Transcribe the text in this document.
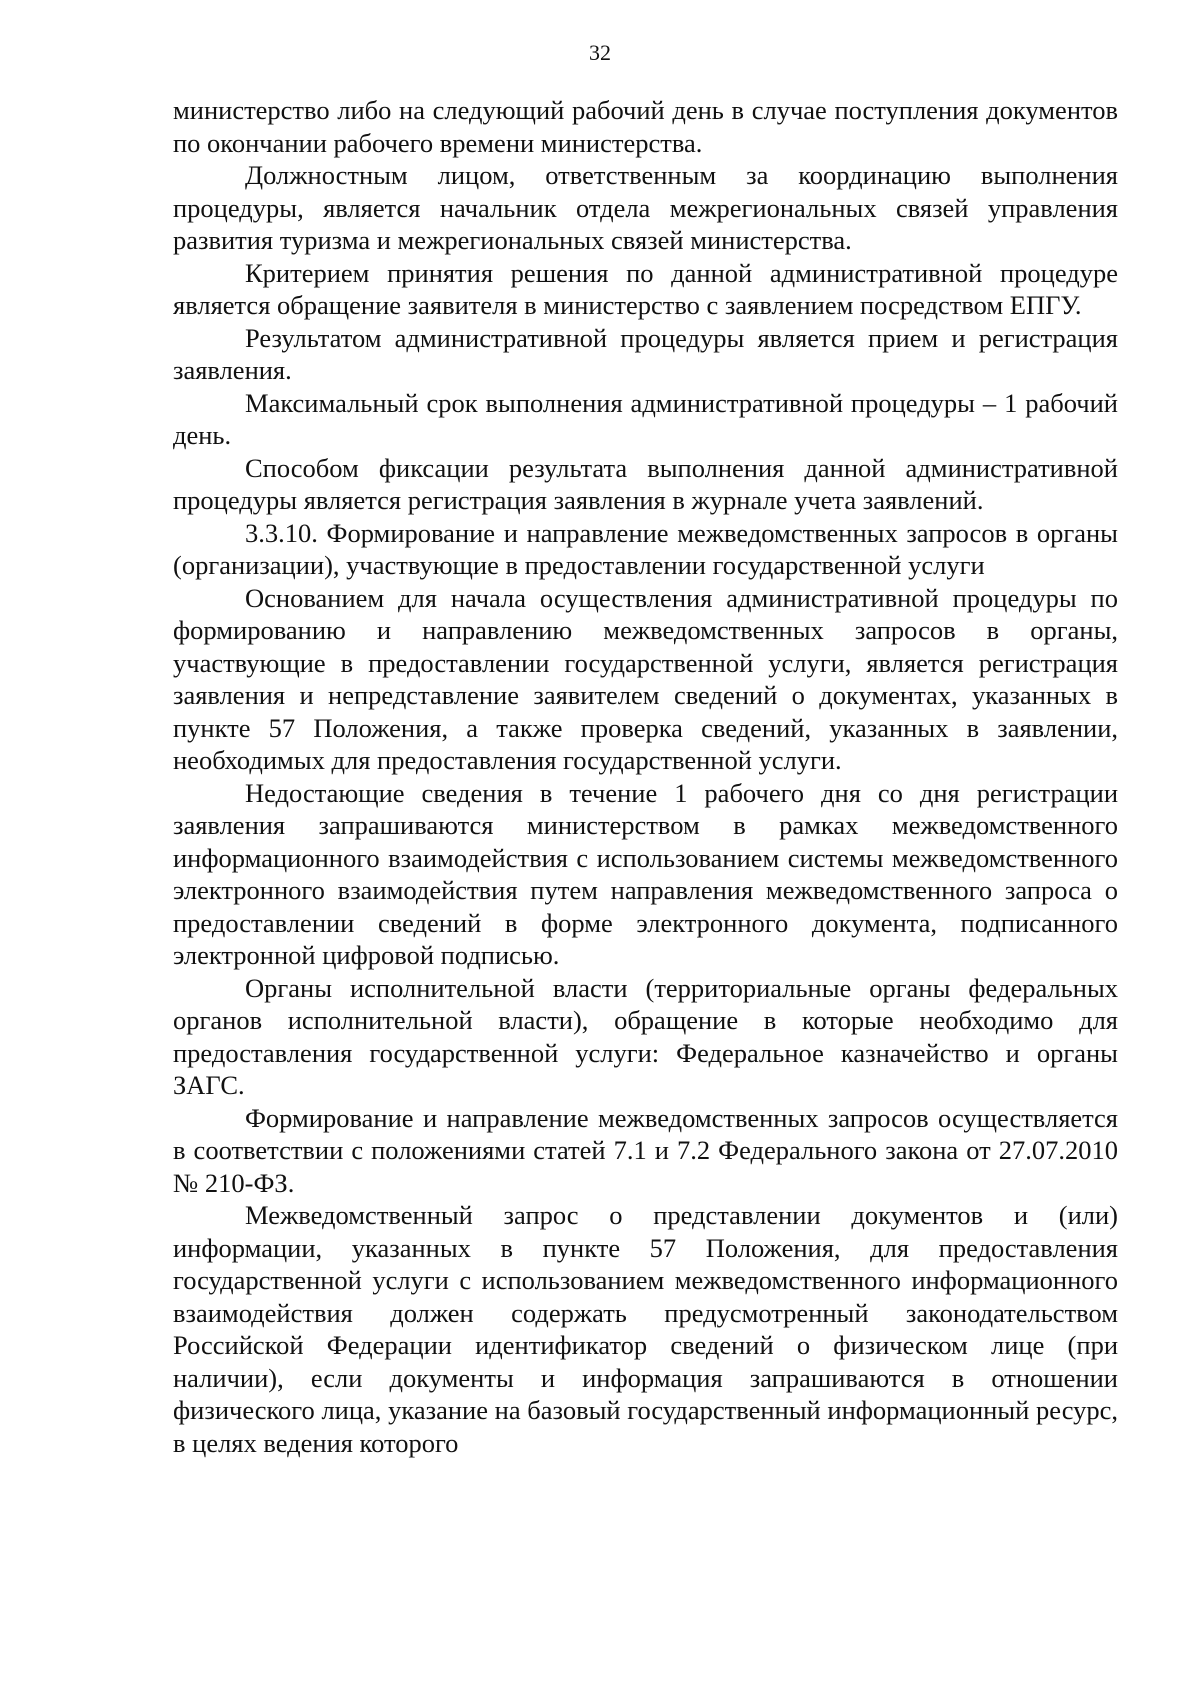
32

министерство либо на следующий рабочий день в случае поступления документов по окончании рабочего времени министерства.

Должностным лицом, ответственным за координацию выполнения процедуры, является начальник отдела межрегиональных связей управления развития туризма и межрегиональных связей министерства.

Критерием принятия решения по данной административной процедуре является обращение заявителя в министерство с заявлением посредством ЕПГУ.

Результатом административной процедуры является прием и регистрация заявления.

Максимальный срок выполнения административной процедуры – 1 рабочий день.

Способом фиксации результата выполнения данной административной процедуры является регистрация заявления в журнале учета заявлений.

3.3.10. Формирование и направление межведомственных запросов в органы (организации), участвующие в предоставлении государственной услуги

Основанием для начала осуществления административной процедуры по формированию и направлению межведомственных запросов в органы, участвующие в предоставлении государственной услуги, является регистрация заявления и непредставление заявителем сведений о документах, указанных в пункте 57 Положения, а также проверка сведений, указанных в заявлении, необходимых для предоставления государственной услуги.

Недостающие сведения в течение 1 рабочего дня со дня регистрации заявления запрашиваются министерством в рамках межведомственного информационного взаимодействия с использованием системы межведомственного электронного взаимодействия путем направления межведомственного запроса о предоставлении сведений в форме электронного документа, подписанного электронной цифровой подписью.

Органы исполнительной власти (территориальные органы федеральных органов исполнительной власти), обращение в которые необходимо для предоставления государственной услуги: Федеральное казначейство и органы ЗАГС.

Формирование и направление межведомственных запросов осуществляется в соответствии с положениями статей 7.1 и 7.2 Федерального закона от 27.07.2010 № 210-ФЗ.

Межведомственный запрос о представлении документов и (или) информации, указанных в пункте 57 Положения, для предоставления государственной услуги с использованием межведомственного информационного взаимодействия должен содержать предусмотренный законодательством Российской Федерации идентификатор сведений о физическом лице (при наличии), если документы и информация запрашиваются в отношении физического лица, указание на базовый государственный информационный ресурс, в целях ведения которого
